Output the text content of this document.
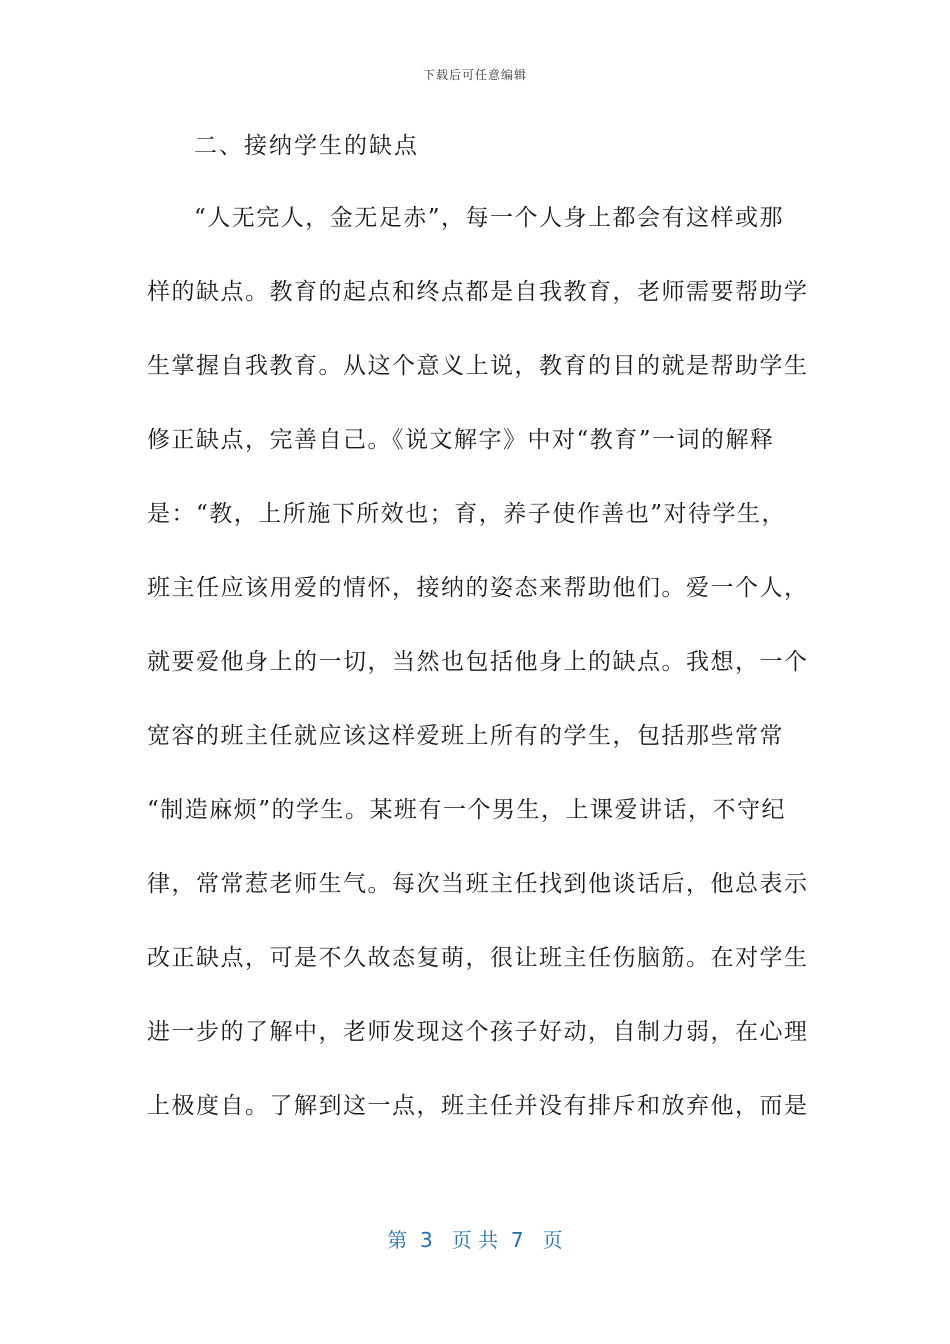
下载后可任意编辑
二、接纳学生的缺点
“人无完人，金无足赤”，每一个人身上都会有这样或那
样的缺点。教育的起点和终点都是自我教育，老师需要帮助学
生掌握自我教育。从这个意义上说，教育的目的就是帮助学生
修正缺点，完善自己。《说文解字》中对“教育”一词的解释
是：“教，上所施下所效也；育，养子使作善也”对待学生，
班主任应该用爱的情怀，接纳的姿态来帮助他们。爱一个人，
就要爱他身上的一切，当然也包括他身上的缺点。我想，一个
宽容的班主任就应该这样爱班上所有的学生，包括那些常常
“制造麻烦”的学生。某班有一个男生，上课爱讲话，不守纪
律，常常惹老师生气。每次当班主任找到他谈话后，他总表示
改正缺点，可是不久故态复萌，很让班主任伤脑筋。在对学生
进一步的了解中，老师发现这个孩子好动，自制力弱，在心理
上极度自。了解到这一点，班主任并没有排斥和放弃他，而是
第  3   页 共  7   页
